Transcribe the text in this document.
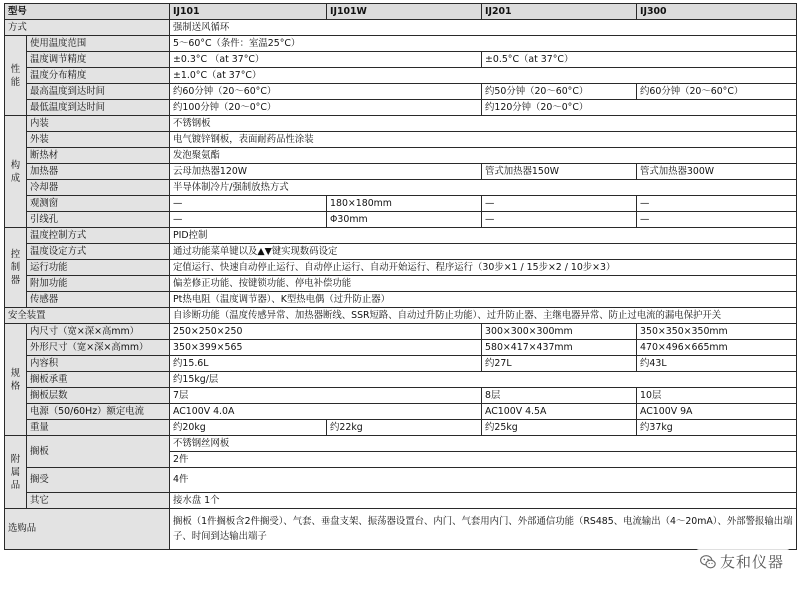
型号		IJ101	IJ101W	IJ201	IJ300
方式		强制送风循环			
性能	使用温度范围	5～60°C（条件：室温25°C）			
	温度调节精度	±0.3°C （at 37°C）		±0.5°C（at 37°C）	
	温度分布精度	±1.0°C（at 37°C）			
	最高温度到达时间	约60分钟（20～60°C）		约50分钟（20～60°C）	约60分钟（20～60°C）
	最低温度到达时间	约100分钟（20～0°C）		约120分钟（20～0°C）	
构成	内装	不锈钢板			
	外装	电气镀锌钢板，表面耐药品性涂装			
	断热材	发泡聚氨酯			
	加热器	云母加热器120W		管式加热器150W	管式加热器300W
	冷却器	半导体制冷片/强制放热方式			
	观测窗	—	180×180mm	—	—
	引线孔	—	Φ30mm	—	—
控制器	温度控制方式	PID控制			
	温度设定方式	通过功能菜单键以及▲▼键实现数码设定			
	运行功能	定值运行、快速自动停止运行、自动停止运行、自动开始运行、程序运行（30步×1 / 15步×2 / 10步×3）			
	附加功能	偏差修正功能、按键锁功能、停电补偿功能			
	传感器	Pt热电阻（温度调节器）、K型热电偶（过升防止器）			
安全装置		自诊断功能（温度传感异常、加热器断线、SSR短路、自动过升防止功能）、过升防止器、主继电器异常、防止过电流的漏电保护开关			
规格	内尺寸（宽×深×高mm）	250×250×250		300×300×300mm	350×350×350mm
	外形尺寸（宽×深×高mm）	350×399×565		580×417×437mm	470×496×665mm
	内容积	约15.6L		约27L	约43L
	搁板承重	约15kg/层			
	搁板层数	7层		8层	10层
	电源（50/60Hz）额定电流	AC100V 4.0A		AC100V 4.5A	AC100V 9A
	重量	约20kg	约22kg	约25kg	约37kg
附属品	搁板	不锈钢丝网板			
		2件			
	搁受	4件			
	其它	接水盘 1个			
选购品		搁板（1件搁板含2件搁受）、气套、垂盘支架、振荡器设置台、内门、气套用内门、外部通信功能（RS485、电流输出（4～20mA）、外部警报输出端子、时间到达输出端子			
友和仪器
